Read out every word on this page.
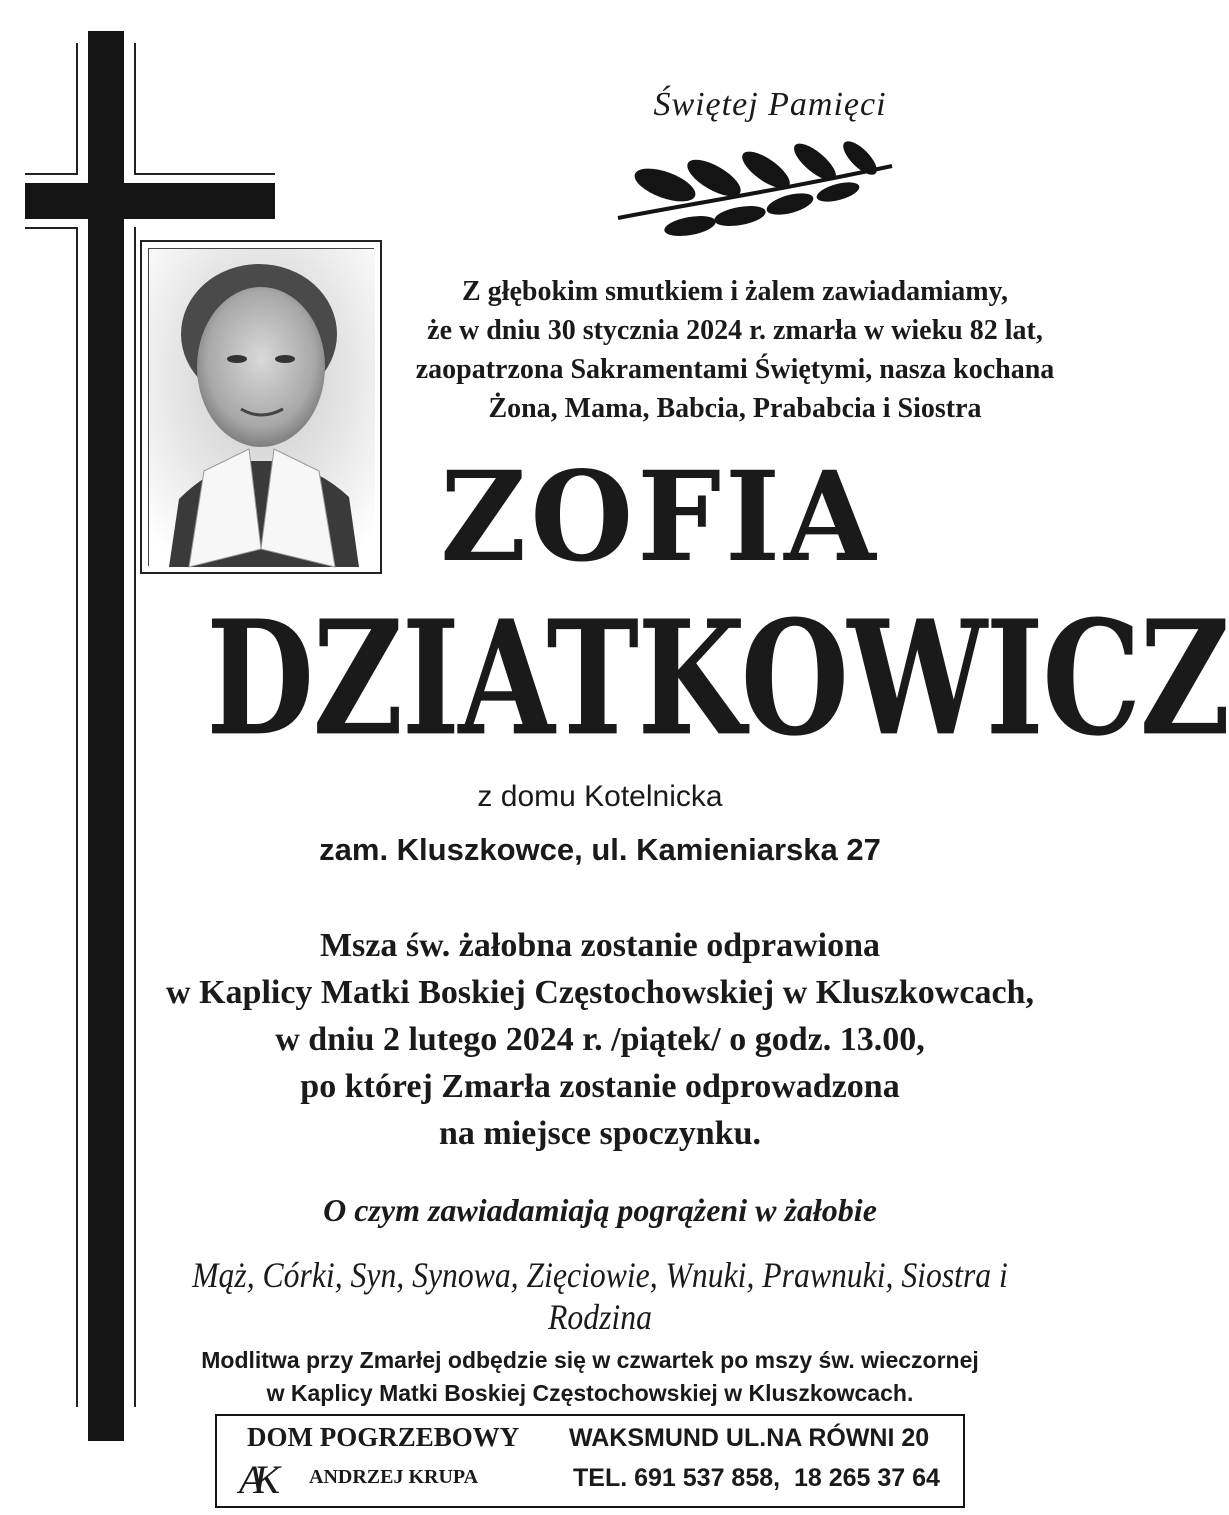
Świętej Pamięci
Z głębokim smutkiem i żalem zawiadamiamy,
że w dniu 30 stycznia 2024 r. zmarła w wieku 82 lat,
zaopatrzona Sakramentami Świętymi, nasza kochana
Żona, Mama, Babcia, Prababcia i Siostra
ZOFIA
DZIATKOWICZ
z domu Kotelnicka
zam. Kluszkowce, ul. Kamieniarska 27
Msza św. żałobna zostanie odprawiona
w Kaplicy Matki Boskiej Częstochowskiej w Kluszkowcach,
w dniu 2 lutego 2024 r. /piątek/ o godz. 13.00,
po której Zmarła zostanie odprowadzona
na miejsce spoczynku.
O czym zawiadamiają pogrążeni w żałobie
Mąż, Córki, Syn, Synowa, Zięciowie, Wnuki, Prawnuki, Siostra i Rodzina
Modlitwa przy Zmarłej odbędzie się w czwartek po mszy św. wieczornej
w Kaplicy Matki Boskiej Częstochowskiej w Kluszkowcach.
DOM POGRZEBOWY
AK ANDRZEJ KRUPA
WAKSMUND UL.NA RÓWNI 20
TEL. 691 537 858,  18 265 37 64
